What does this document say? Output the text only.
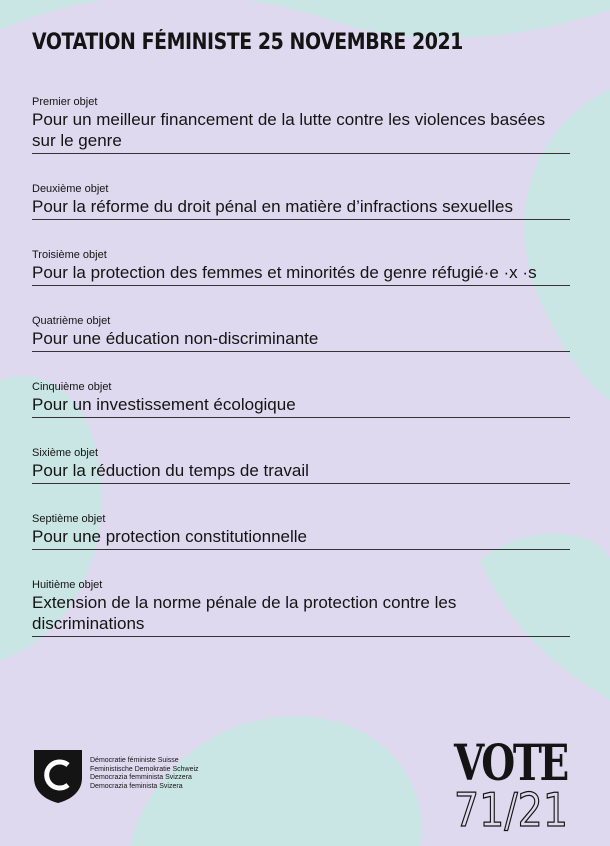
VOTATION FÉMINISTE 25 NOVEMBRE 2021
Premier objet
Pour un meilleur financement de la lutte contre les violences basées sur le genre
Deuxième objet
Pour la réforme du droit pénal en matière d’infractions sexuelles
Troisième objet
Pour la protection des femmes et minorités de genre réfugié·e ·x ·s
Quatrième objet
Pour une éducation non-discriminante
Cinquième objet
Pour un investissement écologique
Sixième objet
Pour la réduction du temps de travail
Septième objet
Pour une protection constitutionnelle
Huitième objet
Extension de la norme pénale de la protection contre les discriminations
Démocratie féministe Suisse
Feministische Demokratie Schweiz
Democrazia femminista Svizzera
Democrazia feminista Svizera	VOTE
71/21
